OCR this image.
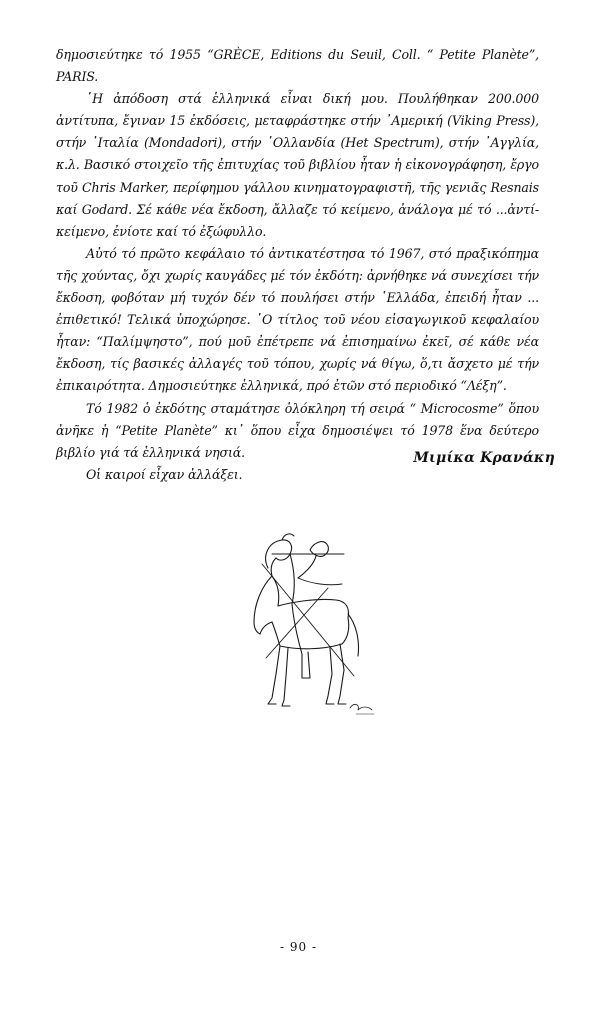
δημοσιεύτηκε τό 1955 “GRÈCE, Editions du Seuil, Coll. “ Petite Planète”, PARIS.

῾Η ἀπόδοση στά ἑλληνικά εἶναι δική μου. Πουλήθηκαν 200.000 ἀντίτυπα, ἔγιναν 15 ἐκδόσεις, μεταφράστηκε στήν ᾿Αμερική (Viking Press), στήν ᾿Ιταλία (Mondadori), στήν ῾Ολλανδία (Het Spectrum), στήν ᾿Αγγλία, κ.λ. Βασικό στοιχεῖο τῆς ἐπιτυχίας τοῦ βιβλίου ἦταν ἡ εἰκονογράφηση, ἔργο τοῦ Chris Marker, περίφημου γάλλου κινηματογραφιστῆ, τῆς γενιᾶς Resnais καί Godard. Σέ κάθε νέα ἔκδοση, ἄλλαζε τό κείμενο, ἀνάλογα μέ τό ...ἀντί-κείμενο, ἐνίοτε καί τό ἐξώφυλλο.

Αὐτό τό πρῶτο κεφάλαιο τό ἀντικατέστησα τό 1967, στό πραξικόπημα τῆς χούντας, ὄχι χωρίς καυγάδες μέ τόν ἐκδότη: ἀρνήθηκε νά συνεχίσει τήν ἔκδοση, φοβόταν μή τυχόν δέν τό πουλήσει στήν ῾Ελλάδα, ἐπειδή ἦταν ... ἐπιθετικό! Τελικά ὑποχώρησε. ῾Ο τίτλος τοῦ νέου εἰσαγωγικοῦ κεφαλαίου ἦταν: “Παλίμψηστο”, πού μοῦ ἐπέτρεπε νά ἐπισημαίνω ἐκεῖ, σέ κάθε νέα ἔκδοση, τίς βασικές ἀλλαγές τοῦ τόπου, χωρίς νά θίγω, ὅ,τι ἄσχετο μέ τήν ἐπικαιρότητα. Δημοσιεύτηκε ἑλληνικά, πρό ἐτῶν στό περιοδικό “Λέξη”.

Τό 1982 ὁ ἐκδότης σταμάτησε ὁλόκληρη τή σειρά “ Microcosme” ὅπου ἀνῆκε ἡ “Petite Planète” κι᾿ ὅπου εἶχα δημοσιέψει τό 1978 ἕνα δεύτερο βιβλίο γιά τά ἑλληνικά νησιά.

Οἱ καιροί εἶχαν ἀλλάξει.

Μιμίκα Κρανάκη
- 90 -
